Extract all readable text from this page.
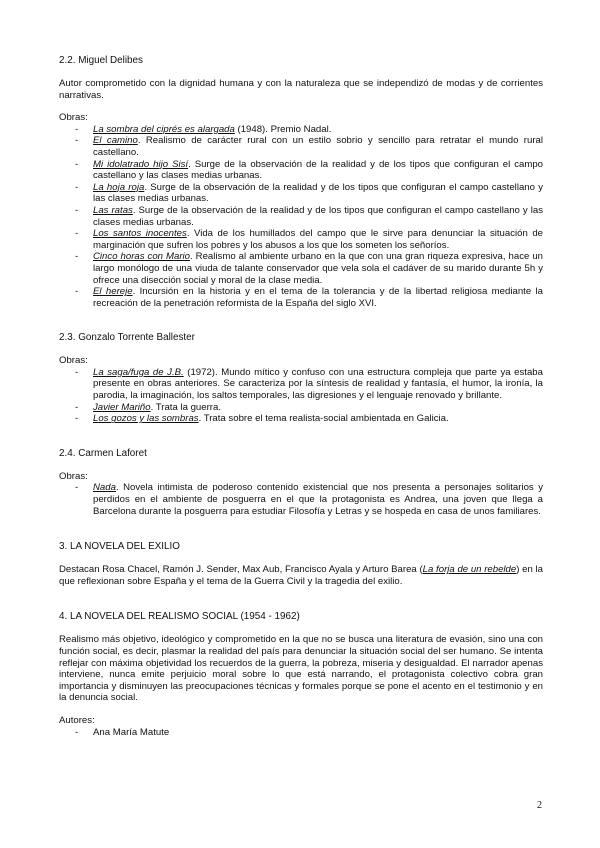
2.2. Miguel Delibes

Autor comprometido con la dignidad humana y con la naturaleza que se independizó de modas y de corrientes narrativas.

Obras:

- La sombra del ciprés es alargada (1948). Premio Nadal.
- El camino. Realismo de carácter rural con un estilo sobrio y sencillo para retratar el mundo rural castellano.
- Mi idolatrado hijo Sisí. Surge de la observación de la realidad y de los tipos que configuran el campo castellano y las clases medias urbanas.
- La hoja roja. Surge de la observación de la realidad y de los tipos que configuran el campo castellano y las clases medias urbanas.
- Las ratas. Surge de la observación de la realidad y de los tipos que configuran el campo castellano y las clases medias urbanas.
- Los santos inocentes. Vida de los humillados del campo que le sirve para denunciar la situación de marginación que sufren los pobres y los abusos a los que los someten los señoríos.
- Cinco horas con Mario. Realismo al ambiente urbano en la que con una gran riqueza expresiva, hace un largo monólogo de una viuda de talante conservador que vela sola el cadáver de su marido durante 5h y ofrece una disección social y moral de la clase media.
- El hereje. Incursión en la historia y en el tema de la tolerancia y de la libertad religiosa mediante la recreación de la penetración reformista de la España del siglo XVI.

2.3. Gonzalo Torrente Ballester

Obras:

- La saga/fuga de J.B. (1972). Mundo mítico y confuso con una estructura compleja que parte ya estaba presente en obras anteriores. Se caracteriza por la síntesis de realidad y fantasía, el humor, la ironía, la parodia, la imaginación, los saltos temporales, las digresiones y el lenguaje renovado y brillante.
- Javier Mariño. Trata la guerra.
- Los gozos y las sombras. Trata sobre el tema realista-social ambientada en Galicia.

2.4. Carmen Laforet

Obras:

- Nada. Novela intimista de poderoso contenido existencial que nos presenta a personajes solitarios y perdidos en el ambiente de posguerra en el que la protagonista es Andrea, una joven que llega a Barcelona durante la posguerra para estudiar Filosofía y Letras y se hospeda en casa de unos familiares.

3. LA NOVELA DEL EXILIO

Destacan Rosa Chacel, Ramón J. Sender, Max Aub, Francisco Ayala y Arturo Barea (La forja de un rebelde) en la que reflexionan sobre España y el tema de la Guerra Civil y la tragedia del exilio.

4. LA NOVELA DEL REALISMO SOCIAL (1954 - 1962)

Realismo más objetivo, ideológico y comprometido en la que no se busca una literatura de evasión, sino una con función social, es decir, plasmar la realidad del país para denunciar la situación social del ser humano. Se intenta reflejar con máxima objetividad los recuerdos de la guerra, la pobreza, miseria y desigualdad. El narrador apenas interviene, nunca emite perjuicio moral sobre lo que está narrando, el protagonista colectivo cobra gran importancia y disminuyen las preocupaciones técnicas y formales porque se pone el acento en el testimonio y en la denuncia social.

Autores:

- Ana María Matute
2
